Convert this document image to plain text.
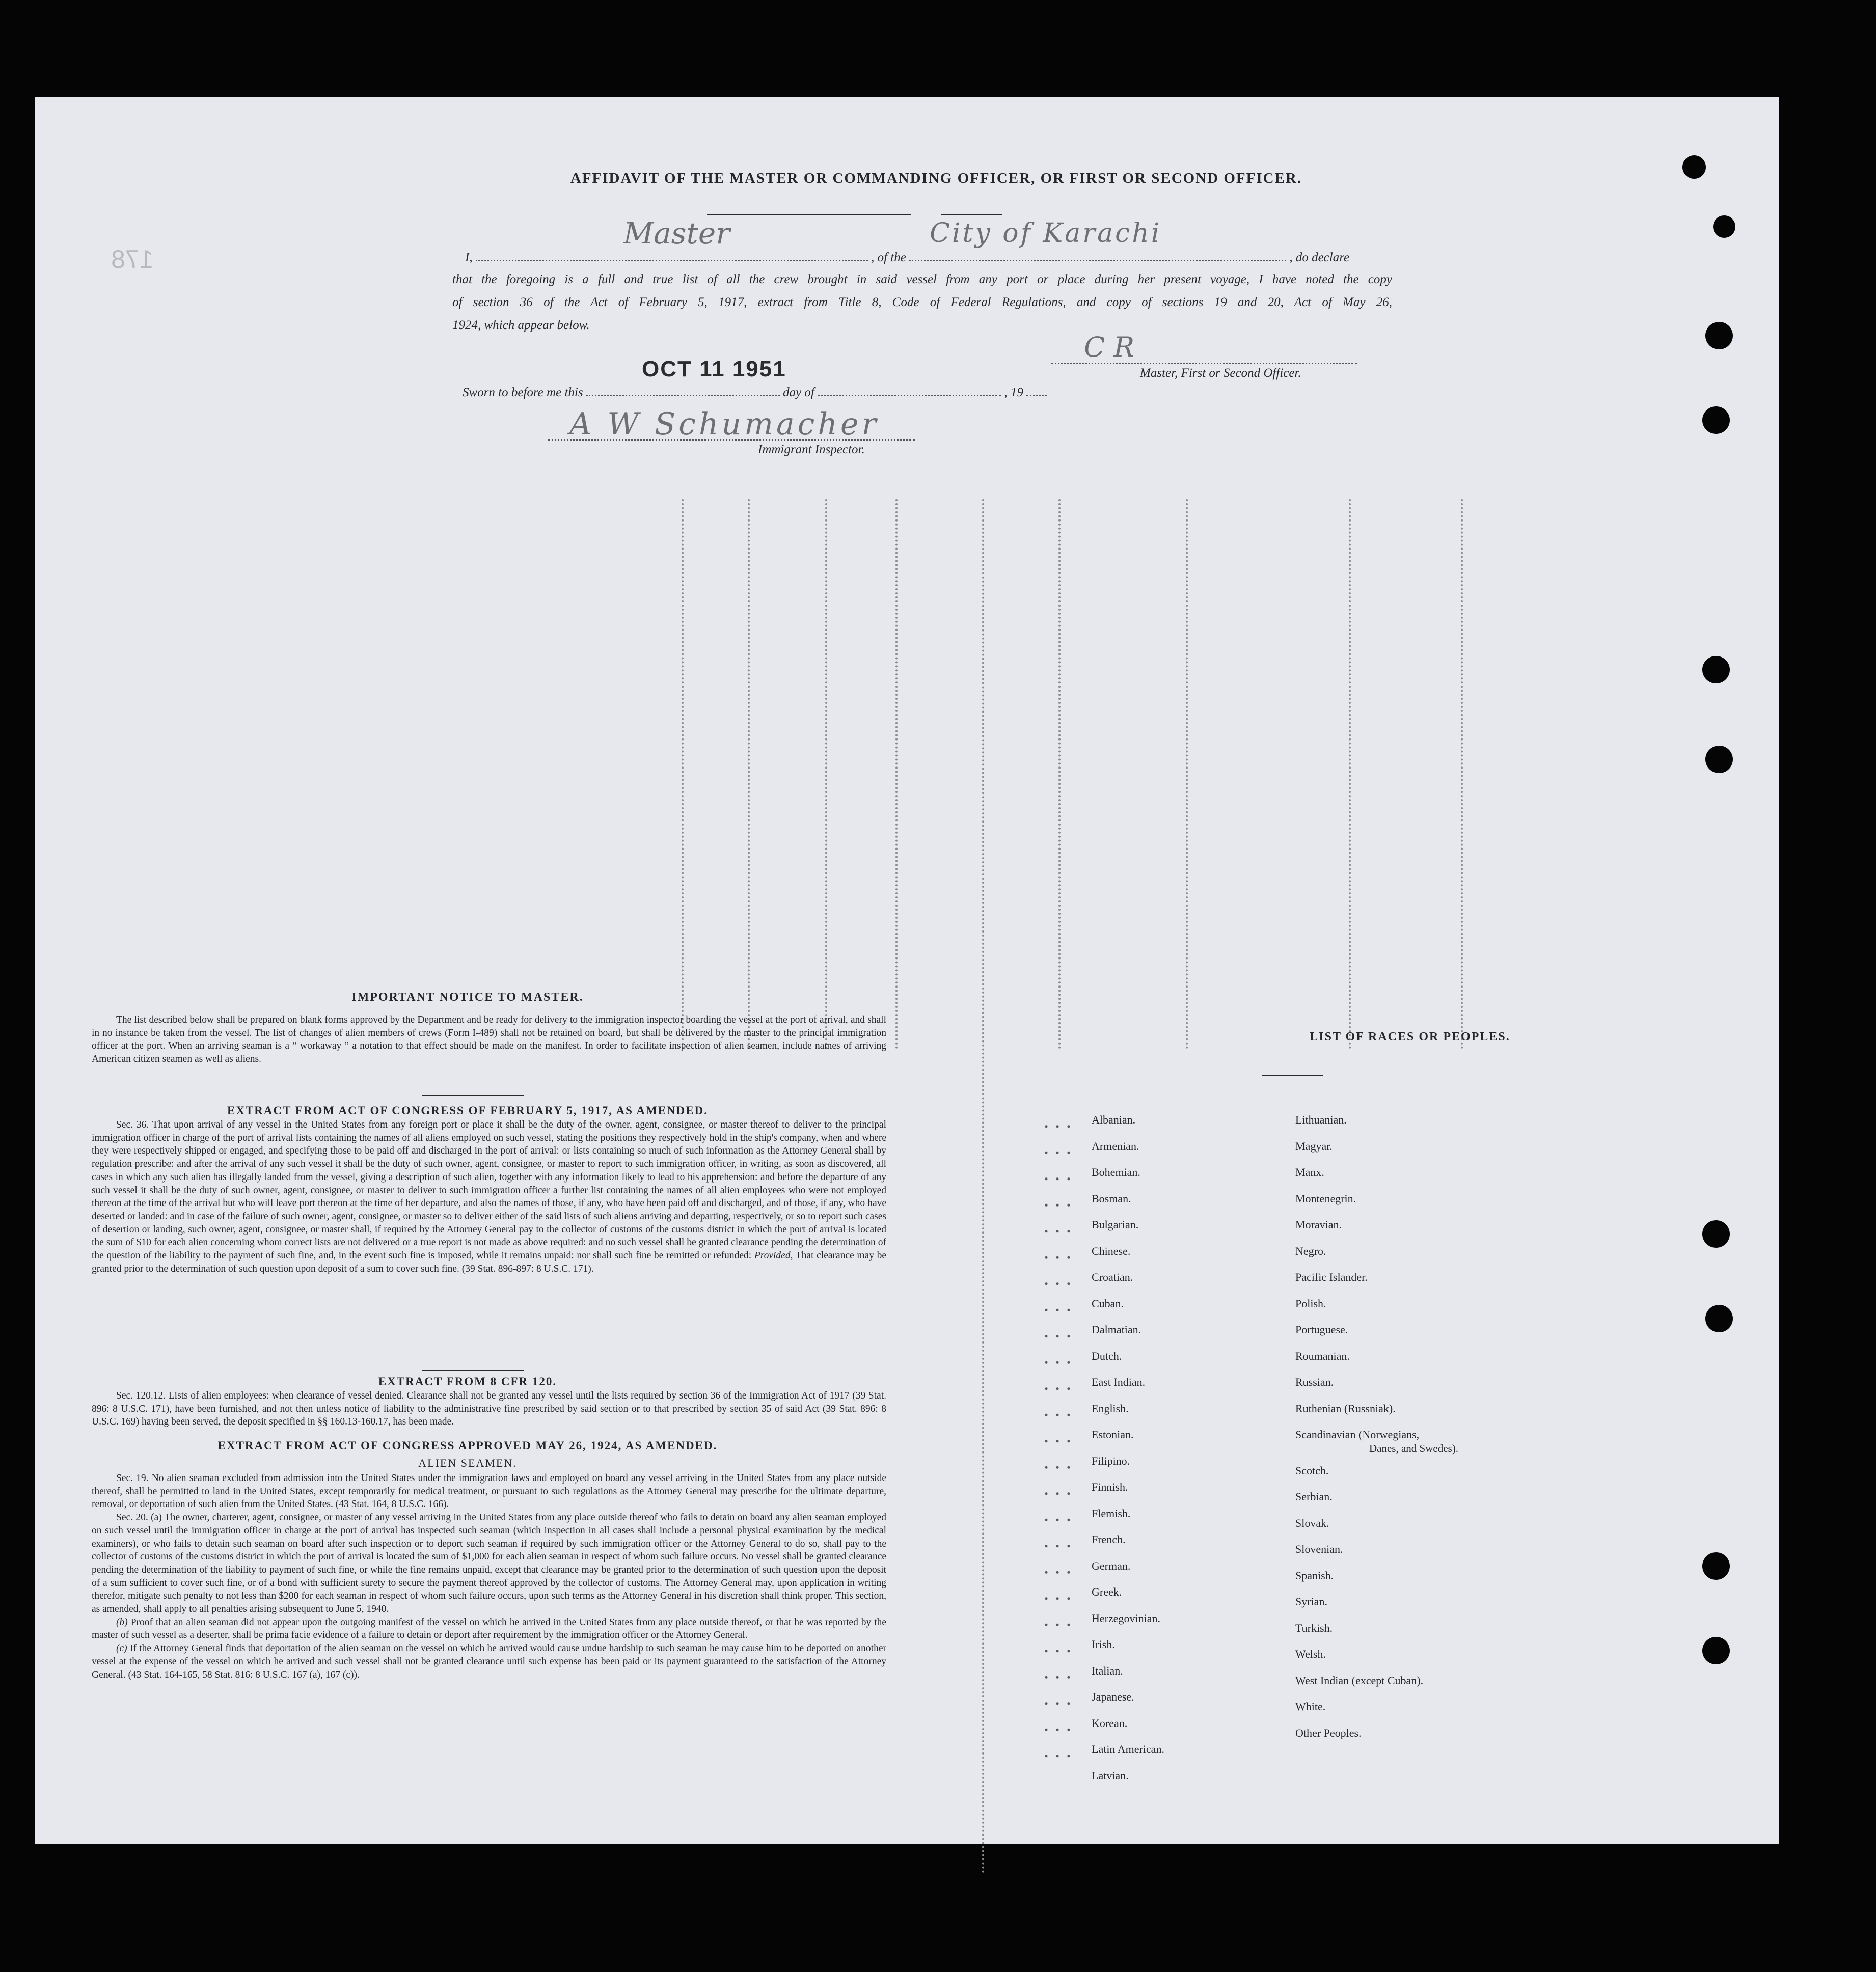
AFFIDAVIT OF THE MASTER OR COMMANDING OFFICER, OR FIRST OR SECOND OFFICER.
178	I,
Master
, of the
City of Karachi
, do declare
that the foregoing is a full and true list of all the crew brought in said vessel from any port or place during her present voyage, I have noted the copy
of section 36 of the Act of February 5, 1917, extract from Title 8, Code of Federal Regulations, and copy of sections 19 and 20, Act of May 26,
1924, which appear below.
OCT 11 1951
Sworn to before me this	day of	, 19
C R
Master, First or Second Officer.
A W Schumacher
Immigrant Inspector.
IMPORTANT NOTICE TO MASTER.

The list described below shall be prepared on blank forms approved by the Department and be ready for delivery to the immigration inspector boarding the vessel at the port of arrival, and shall in no instance be taken from the vessel. The list of changes of alien members of crews (Form I-489) shall not be retained on board, but shall be delivered by the master to the principal immigration officer at the port. When an arriving seaman is a “ workaway ” a notation to that effect should be made on the manifest. In order to facilitate inspection of alien seamen, include names of arriving American citizen seamen as well as aliens.

EXTRACT FROM ACT OF CONGRESS OF FEBRUARY 5, 1917, AS AMENDED.

Sec. 36. That upon arrival of any vessel in the United States from any foreign port or place it shall be the duty of the owner, agent, consignee, or master thereof to deliver to the principal immigration officer in charge of the port of arrival lists containing the names of all aliens employed on such vessel, stating the positions they respectively hold in the ship's company, when and where they were respectively shipped or engaged, and specifying those to be paid off and discharged in the port of arrival: or lists containing so much of such information as the Attorney General shall by regulation prescribe: and after the arrival of any such vessel it shall be the duty of such owner, agent, consignee, or master to report to such immigration officer, in writing, as soon as discovered, all cases in which any such alien has illegally landed from the vessel, giving a description of such alien, together with any information likely to lead to his apprehension: and before the departure of any such vessel it shall be the duty of such owner, agent, consignee, or master to deliver to such immigration officer a further list containing the names of all alien employees who were not employed thereon at the time of the arrival but who will leave port thereon at the time of her departure, and also the names of those, if any, who have been paid off and discharged, and of those, if any, who have deserted or landed: and in case of the failure of such owner, agent, consignee, or master so to deliver either of the said lists of such aliens arriving and departing, respectively, or so to report such cases of desertion or landing, such owner, agent, consignee, or master shall, if required by the Attorney General pay to the collector of customs of the customs district in which the port of arrival is located the sum of $10 for each alien concerning whom correct lists are not delivered or a true report is not made as above required: and no such vessel shall be granted clearance pending the determination of the question of the liability to the payment of such fine, and, in the event such fine is imposed, while it remains unpaid: nor shall such fine be remitted or refunded: Provided, That clearance may be granted prior to the determination of such question upon deposit of a sum to cover such fine. (39 Stat. 896-897: 8 U.S.C. 171).

EXTRACT FROM 8 CFR 120.

Sec. 120.12. Lists of alien employees: when clearance of vessel denied. Clearance shall not be granted any vessel until the lists required by section 36 of the Immigration Act of 1917 (39 Stat. 896: 8 U.S.C. 171), have been furnished, and not then unless notice of liability to the administrative fine prescribed by said section or to that prescribed by section 35 of said Act (39 Stat. 896: 8 U.S.C. 169) having been served, the deposit specified in §§ 160.13-160.17, has been made.

EXTRACT FROM ACT OF CONGRESS APPROVED MAY 26, 1924, AS AMENDED.
ALIEN SEAMEN.

Sec. 19. No alien seaman excluded from admission into the United States under the immigration laws and employed on board any vessel arriving in the United States from any place outside thereof, shall be permitted to land in the United States, except temporarily for medical treatment, or pursuant to such regulations as the Attorney General may prescribe for the ultimate departure, removal, or deportation of such alien from the United States. (43 Stat. 164, 8 U.S.C. 166).

Sec. 20. (a) The owner, charterer, agent, consignee, or master of any vessel arriving in the United States from any place outside thereof who fails to detain on board any alien seaman employed on such vessel until the immigration officer in charge at the port of arrival has inspected such seaman (which inspection in all cases shall include a personal physical examination by the medical examiners), or who fails to detain such seaman on board after such inspection or to deport such seaman if required by such immigration officer or the Attorney General to do so, shall pay to the collector of customs of the customs district in which the port of arrival is located the sum of $1,000 for each alien seaman in respect of whom such failure occurs. No vessel shall be granted clearance pending the determination of the liability to payment of such fine, or while the fine remains unpaid, except that clearance may be granted prior to the determination of such question upon the deposit of a sum sufficient to cover such fine, or of a bond with sufficient surety to secure the payment thereof approved by the collector of customs. The Attorney General may, upon application in writing therefor, mitigate such penalty to not less than $200 for each seaman in respect of whom such failure occurs, upon such terms as the Attorney General in his discretion shall think proper. This section, as amended, shall apply to all penalties arising subsequent to June 5, 1940.

(b) Proof that an alien seaman did not appear upon the outgoing manifest of the vessel on which he arrived in the United States from any place outside thereof, or that he was reported by the master of such vessel as a deserter, shall be prima facie evidence of a failure to detain or deport after requirement by the immigration officer or the Attorney General.

(c) If the Attorney General finds that deportation of the alien seaman on the vessel on which he arrived would cause undue hardship to such seaman he may cause him to be deported on another vessel at the expense of the vessel on which he arrived and such vessel shall not be granted clearance until such expense has been paid or its payment guaranteed to the satisfaction of the Attorney General. (43 Stat. 164-165, 58 Stat. 816: 8 U.S.C. 167 (a), 167 (c)).

LIST OF RACES OR PEOPLES.
Albanian.
Armenian.
Bohemian.
Bosman.
Bulgarian.
Chinese.
Croatian.
Cuban.
Dalmatian.
Dutch.
East Indian.
English.
Estonian.
Filipino.
Finnish.
Flemish.
French.
German.
Greek.
Herzegovinian.
Irish.
Italian.
Japanese.
Korean.
Latin American.
Latvian.
Lithuanian.
Magyar.
Manx.
Montenegrin.
Moravian.
Negro.
Pacific Islander.
Polish.
Portuguese.
Roumanian.
Russian.
Ruthenian (Russniak).
Scandinavian (Norwegians,
Scotch.
Serbian.
Slovak.
Slovenian.
Spanish.
Syrian.
Turkish.
Welsh.
West Indian (except Cuban).
White.
Other Peoples.
Danes, and Swedes).
